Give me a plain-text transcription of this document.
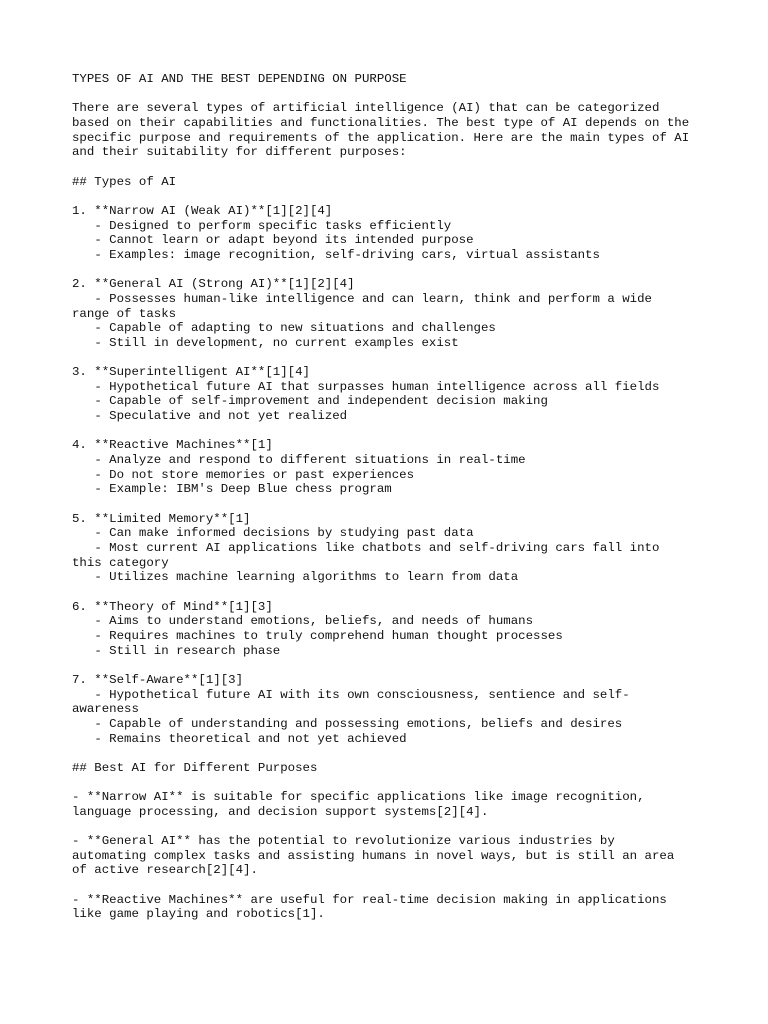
TYPES OF AI AND THE BEST DEPENDING ON PURPOSE

There are several types of artificial intelligence (AI) that can be categorized
based on their capabilities and functionalities. The best type of AI depends on the
specific purpose and requirements of the application. Here are the main types of AI
and their suitability for different purposes:

## Types of AI

1. **Narrow AI (Weak AI)**[1][2][4]
- Designed to perform specific tasks efficiently
- Cannot learn or adapt beyond its intended purpose
- Examples: image recognition, self-driving cars, virtual assistants

2. **General AI (Strong AI)**[1][2][4]
- Possesses human-like intelligence and can learn, think and perform a wide
range of tasks
- Capable of adapting to new situations and challenges
- Still in development, no current examples exist

3. **Superintelligent AI**[1][4]
- Hypothetical future AI that surpasses human intelligence across all fields
- Capable of self-improvement and independent decision making
- Speculative and not yet realized

4. **Reactive Machines**[1]
- Analyze and respond to different situations in real-time
- Do not store memories or past experiences
- Example: IBM's Deep Blue chess program

5. **Limited Memory**[1]
- Can make informed decisions by studying past data
- Most current AI applications like chatbots and self-driving cars fall into
this category
- Utilizes machine learning algorithms to learn from data

6. **Theory of Mind**[1][3]
- Aims to understand emotions, beliefs, and needs of humans
- Requires machines to truly comprehend human thought processes
- Still in research phase

7. **Self-Aware**[1][3]
- Hypothetical future AI with its own consciousness, sentience and self-
awareness
- Capable of understanding and possessing emotions, beliefs and desires
- Remains theoretical and not yet achieved

## Best AI for Different Purposes

- **Narrow AI** is suitable for specific applications like image recognition,
language processing, and decision support systems[2][4].

- **General AI** has the potential to revolutionize various industries by
automating complex tasks and assisting humans in novel ways, but is still an area
of active research[2][4].

- **Reactive Machines** are useful for real-time decision making in applications
like game playing and robotics[1].
